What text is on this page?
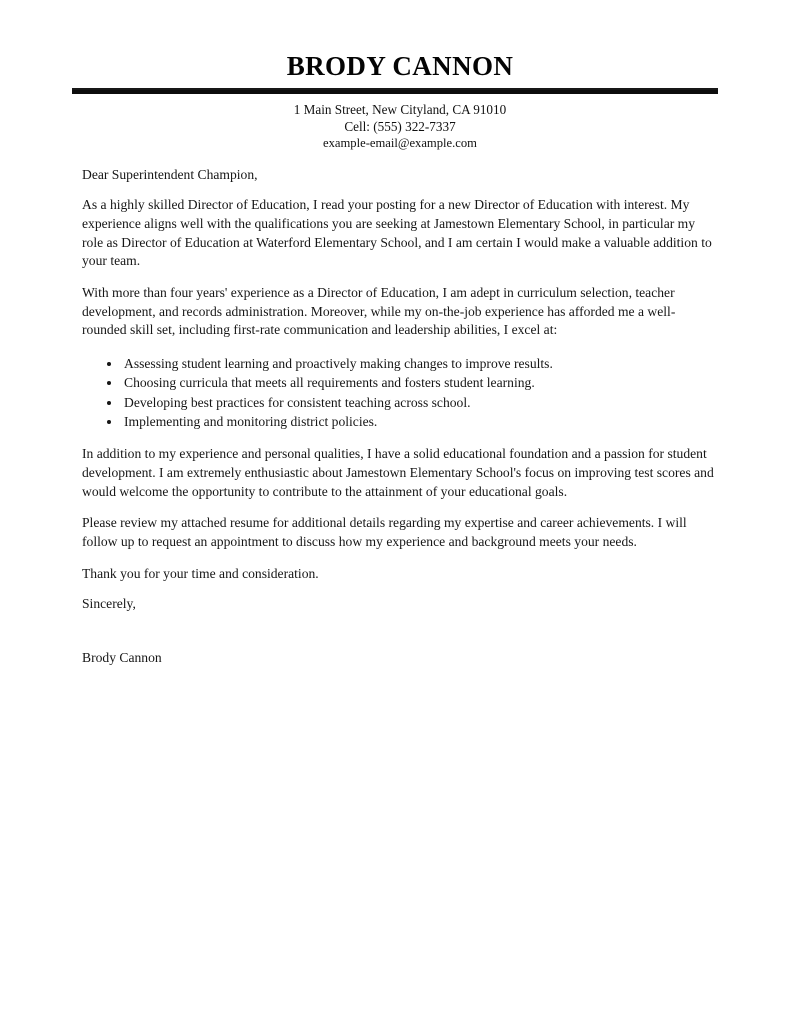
BRODY CANNON
1 Main Street, New Cityland, CA 91010
Cell: (555) 322-7337
example-email@example.com

Dear Superintendent Champion,

As a highly skilled Director of Education, I read your posting for a new Director of Education with interest. My experience aligns well with the qualifications you are seeking at Jamestown Elementary School, in particular my role as Director of Education at Waterford Elementary School, and I am certain I would make a valuable addition to your team.

With more than four years' experience as a Director of Education, I am adept in curriculum selection, teacher development, and records administration. Moreover, while my on-the-job experience has afforded me a well-rounded skill set, including first-rate communication and leadership abilities, I excel at:

• Assessing student learning and proactively making changes to improve results.
• Choosing curricula that meets all requirements and fosters student learning.
• Developing best practices for consistent teaching across school.
• Implementing and monitoring district policies.

In addition to my experience and personal qualities, I have a solid educational foundation and a passion for student development. I am extremely enthusiastic about Jamestown Elementary School's focus on improving test scores and would welcome the opportunity to contribute to the attainment of your educational goals.

Please review my attached resume for additional details regarding my expertise and career achievements. I will follow up to request an appointment to discuss how my experience and background meets your needs.

Thank you for your time and consideration.

Sincerely,

Brody Cannon
